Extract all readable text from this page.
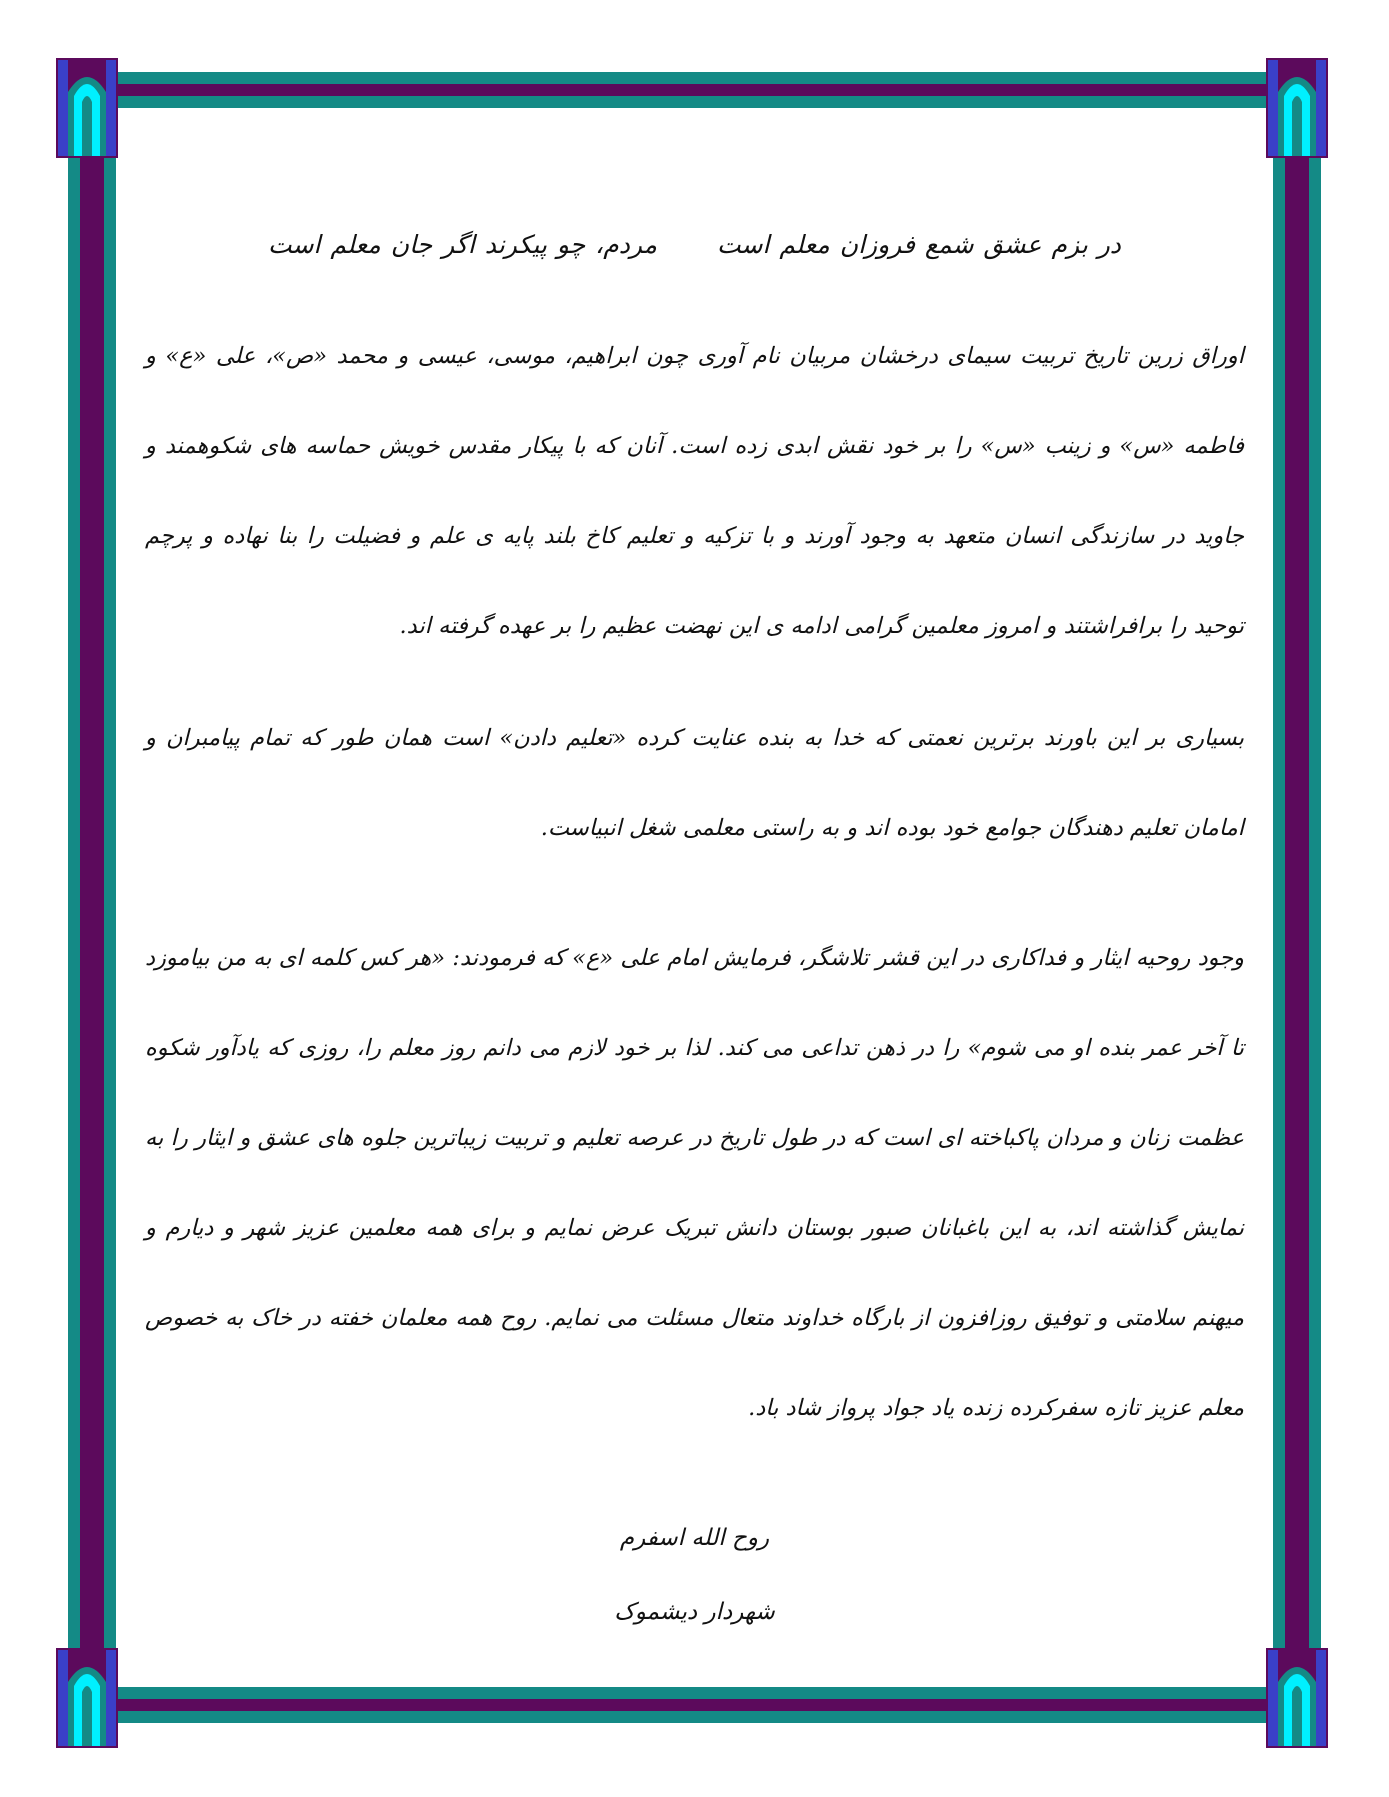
در بزم عشق شمع فروزان معلم استمردم، چو پیکرند اگر جان معلم است

اوراق زرین تاریخ تربیت سیمای درخشان مربیان نام آوری چون ابراهیم، موسی، عیسی و محمد «ص»، علی «ع» و فاطمه «س» و زینب «س» را بر خود نقش ابدی زده است. آنان که با پیکار مقدس خویش حماسه های شکوهمند و جاوید در سازندگی انسان متعهد به وجود آورند و با تزکیه و تعلیم کاخ بلند پایه ی علم و فضیلت را بنا نهاده و پرچم توحید را برافراشتند و امروز معلمین گرامی ادامه ی این نهضت عظیم را بر عهده گرفته اند.

بسیاری بر این باورند برترین نعمتی که خدا به بنده عنایت کرده «تعلیم دادن» است همان طور که تمام پیامبران و امامان تعلیم دهندگان جوامع خود بوده اند و به راستی معلمی شغل انبیاست.

وجود روحیه ایثار و فداکاری در این قشر تلاشگر، فرمایش امام علی «ع» که فرمودند: «هر کس کلمه ای به من بیاموزد تا آخر عمر بنده او می شوم» را در ذهن تداعی می کند. لذا بر خود لازم می دانم روز معلم را، روزی که یادآور شکوه عظمت زنان و مردان پاکباخته ای است که در طول تاریخ در عرصه تعلیم و تربیت زیباترین جلوه های عشق و ایثار را به نمایش گذاشته اند، به این باغبانان صبور بوستان دانش تبریک عرض نمایم و برای همه معلمین عزیز شهر و دیارم و میهنم سلامتی و توفیق روزافزون از بارگاه خداوند متعال مسئلت می نمایم. روح همه معلمان خفته در خاک به خصوص معلم عزیز تازه سفرکرده زنده یاد جواد پرواز شاد باد.

روح الله اسفرم

شهردار دیشموک
